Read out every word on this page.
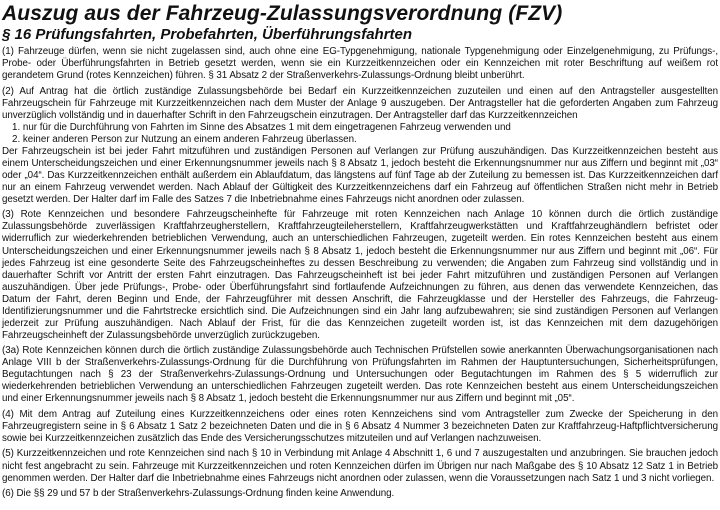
Auszug aus der Fahrzeug-Zulassungsverordnung (FZV)
§ 16 Prüfungsfahrten, Probefahrten, Überführungsfahrten

(1) Fahrzeuge dürfen, wenn sie nicht zugelassen sind, auch ohne eine EG-Typgenehmigung, nationale Typgenehmigung oder Einzelgenehmigung, zu Prüfungs-, Probe- oder Überführungsfahrten in Betrieb gesetzt werden, wenn sie ein Kurzzeitkennzeichen oder ein Kennzeichen mit roter Beschriftung auf weißem rot gerandetem Grund (rotes Kennzeichen) führen. § 31 Absatz 2 der Straßenverkehrs-Zulassungs-Ordnung bleibt unberührt.

(2) Auf Antrag hat die örtlich zuständige Zulassungsbehörde bei Bedarf ein Kurzzeitkennzeichen zuzuteilen und einen auf den Antragsteller ausgestellten Fahrzeugschein für Fahrzeuge mit Kurzzeitkennzeichen nach dem Muster der Anlage 9 auszugeben. Der Antragsteller hat die geforderten Angaben zum Fahrzeug unverzüglich vollständig und in dauerhafter Schrift in den Fahrzeugschein einzutragen. Der Antragsteller darf das Kurzzeitkennzeichen

1. nur für die Durchführung von Fahrten im Sinne des Absatzes 1 mit dem eingetragenen Fahrzeug verwenden und
2. keiner anderen Person zur Nutzung an einem anderen Fahrzeug überlassen.

Der Fahrzeugschein ist bei jeder Fahrt mitzuführen und zuständigen Personen auf Verlangen zur Prüfung auszuhändigen. Das Kurzzeitkennzeichen besteht aus einem Unterscheidungszeichen und einer Erkennungsnummer jeweils nach § 8 Absatz 1, jedoch besteht die Erkennungsnummer nur aus Ziffern und beginnt mit „03“ oder „04“. Das Kurzzeitkennzeichen enthält außerdem ein Ablaufdatum, das längstens auf fünf Tage ab der Zuteilung zu bemessen ist. Das Kurzzeitkennzeichen darf nur an einem Fahrzeug verwendet werden. Nach Ablauf der Gültigkeit des Kurzzeitkennzeichens darf ein Fahrzeug auf öffentlichen Straßen nicht mehr in Betrieb gesetzt werden. Der Halter darf im Falle des Satzes 7 die Inbetriebnahme eines Fahrzeugs nicht anordnen oder zulassen.

(3) Rote Kennzeichen und besondere Fahrzeugscheinhefte für Fahrzeuge mit roten Kennzeichen nach Anlage 10 können durch die örtlich zuständige Zulassungsbehörde zuverlässigen Kraftfahrzeugherstellern, Kraftfahrzeugteileherstellern, Kraftfahrzeugwerkstätten und Kraftfahrzeughändlern befristet oder widerruflich zur wiederkehrenden betrieblichen Verwendung, auch an unterschiedlichen Fahrzeugen, zugeteilt werden. Ein rotes Kennzeichen besteht aus einem Unterscheidungszeichen und einer Erkennungsnummer jeweils nach § 8 Absatz 1, jedoch besteht die Erkennungsnummer nur aus Ziffern und beginnt mit „06“. Für jedes Fahrzeug ist eine gesonderte Seite des Fahrzeugscheinheftes zu dessen Beschreibung zu verwenden; die Angaben zum Fahrzeug sind vollständig und in dauerhafter Schrift vor Antritt der ersten Fahrt einzutragen. Das Fahrzeugscheinheft ist bei jeder Fahrt mitzuführen und zuständigen Personen auf Verlangen auszuhändigen. Über jede Prüfungs-, Probe- oder Überführungsfahrt sind fortlaufende Aufzeichnungen zu führen, aus denen das verwendete Kennzeichen, das Datum der Fahrt, deren Beginn und Ende, der Fahrzeugführer mit dessen Anschrift, die Fahrzeugklasse und der Hersteller des Fahrzeugs, die Fahrzeug-Identifizierungsnummer und die Fahrtstrecke ersichtlich sind. Die Aufzeichnungen sind ein Jahr lang aufzubewahren; sie sind zuständigen Personen auf Verlangen jederzeit zur Prüfung auszuhändigen. Nach Ablauf der Frist, für die das Kennzeichen zugeteilt worden ist, ist das Kennzeichen mit dem dazugehörigen Fahrzeugscheinheft der Zulassungsbehörde unverzüglich zurückzugeben.

(3a) Rote Kennzeichen können durch die örtlich zuständige Zulassungsbehörde auch Technischen Prüfstellen sowie anerkannten Überwachungsorganisationen nach Anlage VIII b der Straßenverkehrs-Zulassungs-Ordnung für die Durchführung von Prüfungsfahrten im Rahmen der Hauptuntersuchungen, Sicherheitsprüfungen, Begutachtungen nach § 23 der Straßenverkehrs-Zulassungs-Ordnung und Untersuchungen oder Begutachtungen im Rahmen des § 5 widerruflich zur wiederkehrenden betrieblichen Verwendung an unterschiedlichen Fahrzeugen zugeteilt werden. Das rote Kennzeichen besteht aus einem Unterscheidungszeichen und einer Erkennungsnummer jeweils nach § 8 Absatz 1, jedoch besteht die Erkennungsnummer nur aus Ziffern und beginnt mit „05“.

(4) Mit dem Antrag auf Zuteilung eines Kurzzeitkennzeichens oder eines roten Kennzeichens sind vom Antragsteller zum Zwecke der Speicherung in den Fahrzeugregistern seine in § 6 Absatz 1 Satz 2 bezeichneten Daten und die in § 6 Absatz 4 Nummer 3 bezeichneten Daten zur Kraftfahrzeug-Haftpflichtversicherung sowie bei Kurzzeitkennzeichen zusätzlich das Ende des Versicherungsschutzes mitzuteilen und auf Verlangen nachzuweisen.

(5) Kurzzeitkennzeichen und rote Kennzeichen sind nach § 10 in Verbindung mit Anlage 4 Abschnitt 1, 6 und 7 auszugestalten und anzubringen. Sie brauchen jedoch nicht fest angebracht zu sein. Fahrzeuge mit Kurzzeitkennzeichen und roten Kennzeichen dürfen im Übrigen nur nach Maßgabe des § 10 Absatz 12 Satz 1 in Betrieb genommen werden. Der Halter darf die Inbetriebnahme eines Fahrzeugs nicht anordnen oder zulassen, wenn die Voraussetzungen nach Satz 1 und 3 nicht vorliegen.

(6) Die §§ 29 und 57 b der Straßenverkehrs-Zulassungs-Ordnung finden keine Anwendung.
